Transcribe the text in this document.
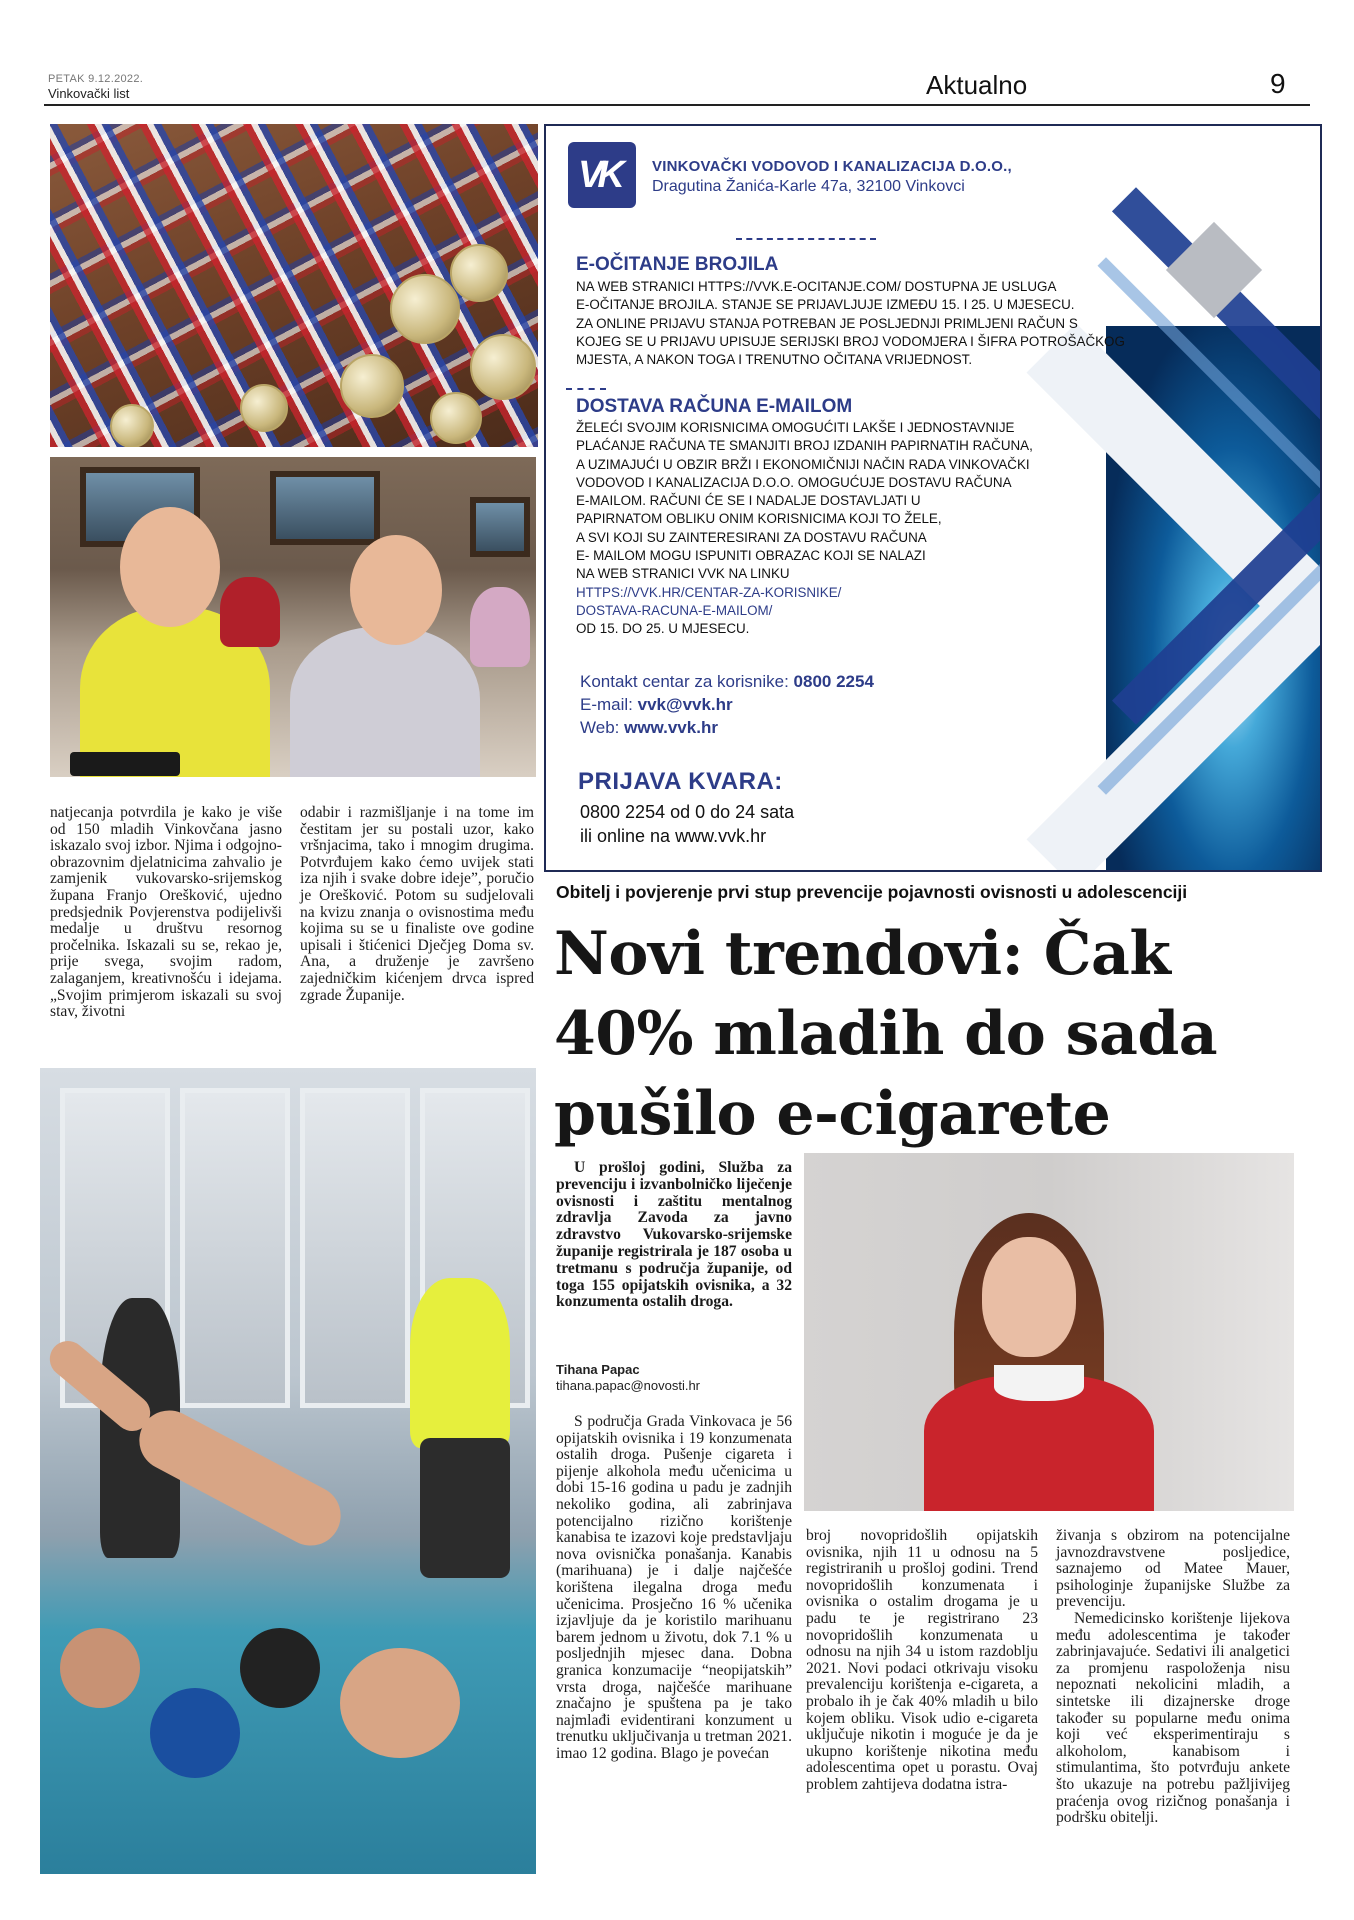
PETAK 9.12.2022.
Vinkovački list	Aktualno	9
VK VINKOVAČKI VODOVOD I KANALIZACIJA D.O.O.,
Dragutina Žanića-Karle 47a, 32100 Vinkovci
E-OČITANJE BROJILA
NA WEB STRANICI HTTPS://VVK.E-OCITANJE.COM/ DOSTUPNA JE USLUGA
E-OČITANJE BROJILA. STANJE SE PRIJAVLJUJE IZMEĐU 15. I 25. U MJESECU.
ZA ONLINE PRIJAVU STANJA POTREBAN JE POSLJEDNJI PRIMLJENI RAČUN S
KOJEG SE U PRIJAVU UPISUJE SERIJSKI BROJ VODOMJERA I ŠIFRA POTROŠAČKOG
MJESTA, A NAKON TOGA I TRENUTNO OČITANA VRIJEDNOST.
DOSTAVA RAČUNA E-MAILOM
ŽELEĆI SVOJIM KORISNICIMA OMOGUĆITI LAKŠE I JEDNOSTAVNIJE
PLAĆANJE RAČUNA TE SMANJITI BROJ IZDANIH PAPIRNATIH RAČUNA,
A UZIMAJUĆI U OBZIR BRŽI I EKONOMIČNIJI NAČIN RADA VINKOVAČKI
VODOVOD I KANALIZACIJA D.O.O. OMOGUĆUJE DOSTAVU RAČUNA
E-MAILOM. RAČUNI ĆE SE I NADALJE DOSTAVLJATI U
PAPIRNATOM OBLIKU ONIM KORISNICIMA KOJI TO ŽELE,
A SVI KOJI SU ZAINTERESIRANI ZA DOSTAVU RAČUNA
E- MAILOM MOGU ISPUNITI OBRAZAC KOJI SE NALAZI
NA WEB STRANICI VVK NA LINKU
HTTPS://VVK.HR/CENTAR-ZA-KORISNIKE/
DOSTAVA-RACUNA-E-MAILOM/
OD 15. DO 25. U MJESECU.
Kontakt centar za korisnike: 0800 2254
E-mail: vvk@vvk.hr
Web: www.vvk.hr
PRIJAVA KVARA:
0800 2254 od 0 do 24 sata
ili online na www.vvk.hr
natjecanja potvrdila je kako je više od 150 mladih Vinkovčana jasno iskazalo svoj izbor. Njima i odgojno-obrazovnim djelatnicima zahvalio je zamjenik vukovarsko-srijemskog župana Franjo Orešković, ujedno predsjednik Povjerenstva podijelivši medalje u društvu resornog pročelnika. Iskazali su se, rekao je, prije svega, svojim radom, zalaganjem, kreativnošću i idejama. „Svojim primjerom iskazali su svoj stav, životni
odabir i razmišljanje i na tome im čestitam jer su postali uzor, kako vršnjacima, tako i mnogim drugima. Potvrđujem kako ćemo uvijek stati iza njih i svake dobre ideje”, poručio je Orešković. Potom su sudjelovali na kvizu znanja o ovisnostima među kojima su se u finaliste ove godine upisali i štićenici Dječjeg Doma sv. Ana, a druženje je završeno zajedničkim kićenjem drvca ispred zgrade Županije.
Obitelj i povjerenje prvi stup prevencije pojavnosti ovisnosti u adolescenciji
Novi trendovi: Čak 40% mladih do sada pušilo e-cigarete
U prošloj godini, Služba za prevenciju i izvanbolničko liječenje ovisnosti i zaštitu mentalnog zdravlja Zavoda za javno zdravstvo Vukovarsko-srijemske županije registrirala je 187 osoba u tretmanu s područja županije, od toga 155 opijatskih ovisnika, a 32 konzumenta ostalih droga.
Tihana Papac
tihana.papac@novosti.hr
S područja Grada Vinkovaca je 56 opijatskih ovisnika i 19 konzumenata ostalih droga. Pušenje cigareta i pijenje alkohola među učenicima u dobi 15-16 godina u padu je zadnjih nekoliko godina, ali zabrinjava potencijalno rizično korištenje kanabisa te izazovi koje predstavljaju nova ovisnička ponašanja. Kanabis (marihuana) je i dalje najčešće korištena ilegalna droga među učenicima. Prosječno 16 % učenika izjavljuje da je koristilo marihuanu barem jednom u životu, dok 7.1 % u posljednjih mjesec dana. Dobna granica konzumacije “neopijatskih” vrsta droga, najčešće marihuane značajno je spuštena pa je tako najmlađi evidentirani konzument u trenutku uključivanja u tretman 2021. imao 12 godina. Blago je povećan
broj novopridošlih opijatskih ovisnika, njih 11 u odnosu na 5 registriranih u prošloj godini. Trend novopridošlih konzumenata i ovisnika o ostalim drogama je u padu te je registrirano 23 novopridošlih konzumenata u odnosu na njih 34 u istom razdoblju 2021. Novi podaci otkrivaju visoku prevalenciju korištenja e-cigareta, a probalo ih je čak 40% mladih u bilo kojem obliku. Visok udio e-cigareta uključuje nikotin i moguće je da je ukupno korištenje nikotina među adolescentima opet u porastu. Ovaj problem zahtijeva dodatna istra-
živanja s obzirom na potencijalne javnozdravstvene posljedice, saznajemo od Matee Mauer, psihologinje županijske Službe za prevenciju.
Nemedicinsko korištenje lijekova među adolescentima je također zabrinjavajuće. Sedativi ili analgetici za promjenu raspoloženja nisu nepoznati nekolicini mladih, a sintetske ili dizajnerske droge također su popularne među onima koji već eksperimentiraju s alkoholom, kanabisom i stimulantima, što potvrđuju ankete što ukazuje na potrebu pažljivijeg praćenja ovog rizičnog ponašanja i podršku obitelji.
